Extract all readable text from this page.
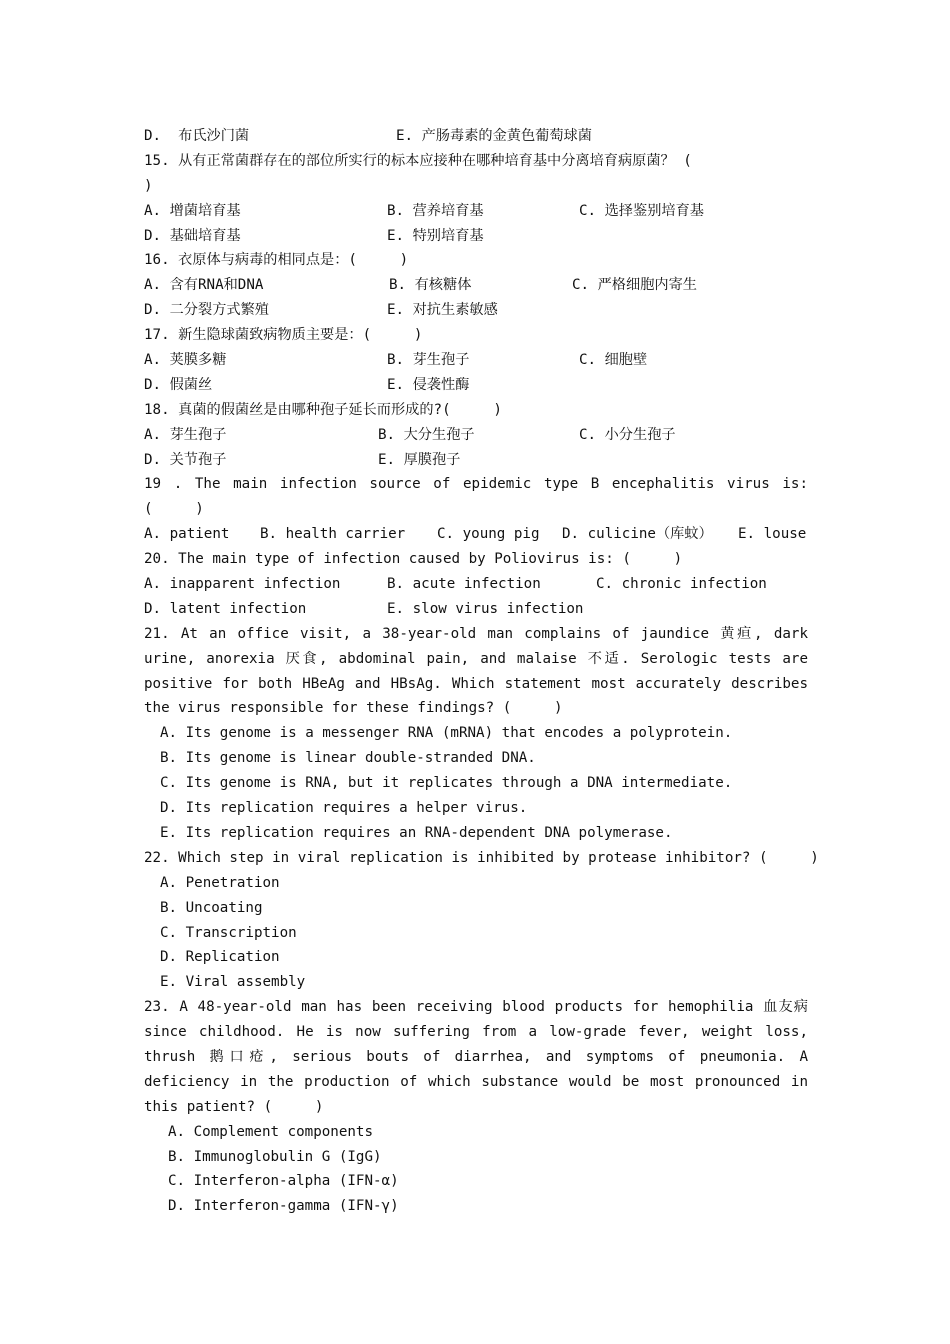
D.  布氏沙门菌

	E. 产肠毒素的金黄色葡萄球菌

15. 从有正常菌群存在的部位所实行的标本应接种在哪种培育基中分离培育病原菌？ (
)

A. 增菌培育基

	B. 营养培育基

	C. 选择鉴别培育基

D. 基础培育基

	E. 特别培育基

16. 衣原体与病毒的相同点是：(     )

A. 含有RNA和DNA

	B. 有核糖体

	C. 严格细胞内寄生

D. 二分裂方式繁殖

	E. 对抗生素敏感

17. 新生隐球菌致病物质主要是：(     )

A. 荚膜多糖

	B. 芽生孢子

	C. 细胞壁

D. 假菌丝

	E. 侵袭性酶

18. 真菌的假菌丝是由哪种孢子延长而形成的?(     )

A. 芽生孢子

	B. 大分生孢子

	C. 小分生孢子

D. 关节孢子

	E. 厚膜孢子

19 . The main infection source of epidemic type B encephalitis virus is:
(     )

A. patient

B. health carrier

C. young pig

D. culicine（库蚊）

E. louse

20. The main type of infection caused by Poliovirus is: (     )

A. inapparent infection

	B. acute infection

	C. chronic infection

D. latent infection

	E. slow virus infection

21. At an office visit, a 38-year-old man complains of jaundice 黄疸, dark
urine, anorexia 厌食, abdominal pain, and malaise 不适. Serologic tests are
positive for both HBeAg and HBsAg. Which statement most accurately describes
the virus responsible for these findings? (     )
A. Its genome is a messenger RNA (mRNA) that encodes a polyprotein.
B. Its genome is linear double-stranded DNA.
C. Its genome is RNA, but it replicates through a DNA intermediate.
D. Its replication requires a helper virus.
E. Its replication requires an RNA-dependent DNA polymerase.
22. Which step in viral replication is inhibited by protease inhibitor? (     )
A. Penetration
B. Uncoating
C. Transcription
D. Replication
E. Viral assembly
23. A 48-year-old man has been receiving blood products for hemophilia 血友病
since childhood. He is now suffering from a low-grade fever, weight loss,
thrush 鹅口疮, serious bouts of diarrhea, and symptoms of pneumonia. A
deficiency in the production of which substance would be most pronounced in
this patient? (     )
A. Complement components
B. Immunoglobulin G (IgG)
C. Interferon-alpha (IFN-α)
D. Interferon-gamma (IFN-γ)
